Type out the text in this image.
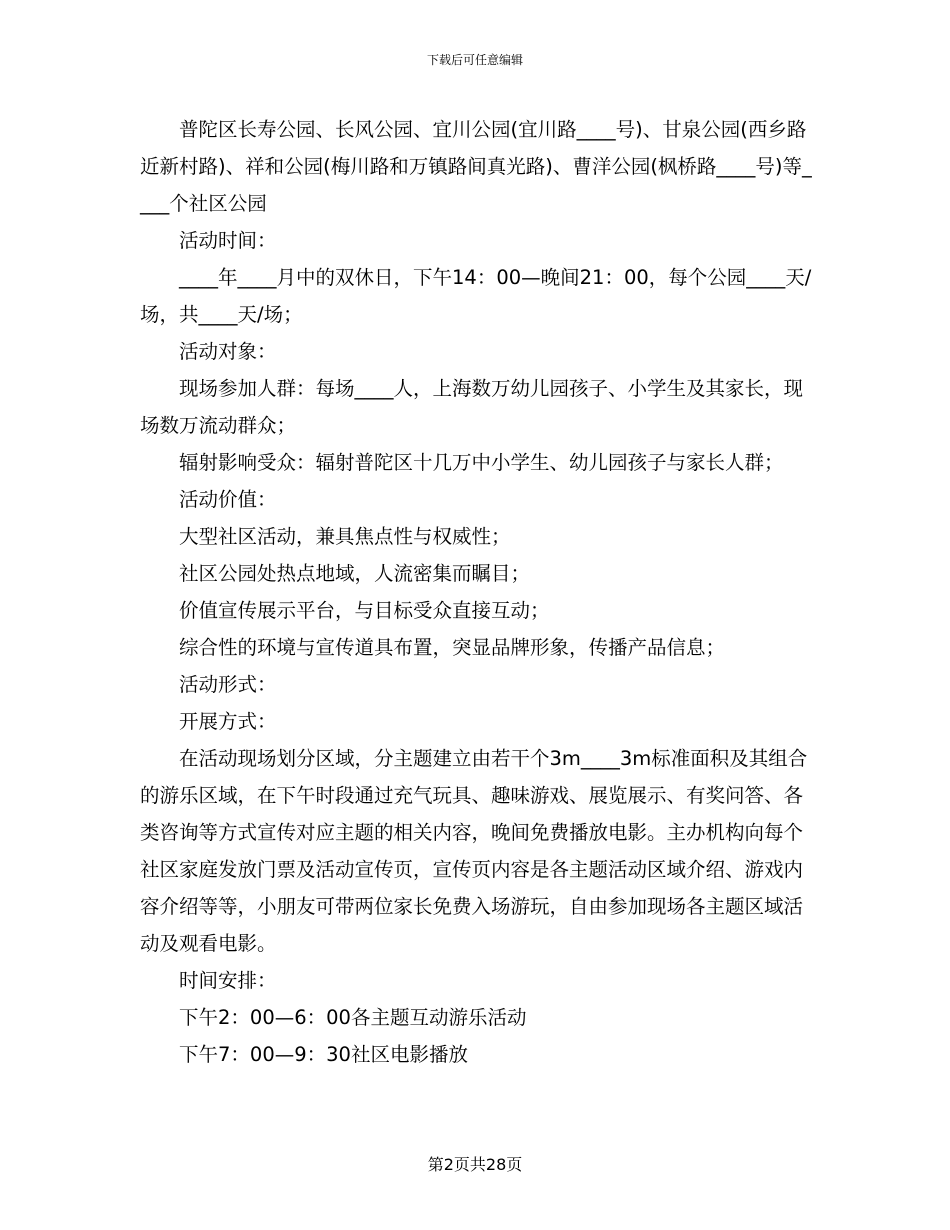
下载后可任意编辑

普陀区长寿公园、长风公园、宜川公园(宜川路____号)、甘泉公园(西乡路近新村路)、祥和公园(梅川路和万镇路间真光路)、曹洋公园(枫桥路____号)等____个社区公园

活动时间：

____年____月中的双休日，下午14：00—晚间21：00，每个公园____天/场，共____天/场；

活动对象：

现场参加人群：每场____人，上海数万幼儿园孩子、小学生及其家长，现场数万流动群众；

辐射影响受众：辐射普陀区十几万中小学生、幼儿园孩子与家长人群；

活动价值：

大型社区活动，兼具焦点性与权威性；

社区公园处热点地域，人流密集而瞩目；

价值宣传展示平台，与目标受众直接互动；

综合性的环境与宣传道具布置，突显品牌形象，传播产品信息；

活动形式：

开展方式：

在活动现场划分区域，分主题建立由若干个3m____3m标准面积及其组合的游乐区域，在下午时段通过充气玩具、趣味游戏、展览展示、有奖问答、各类咨询等方式宣传对应主题的相关内容，晚间免费播放电影。主办机构向每个社区家庭发放门票及活动宣传页，宣传页内容是各主题活动区域介绍、游戏内容介绍等等，小朋友可带两位家长免费入场游玩，自由参加现场各主题区域活动及观看电影。

时间安排：

下午2：00—6：00各主题互动游乐活动

下午7：00—9：30社区电影播放

第2页共28页
